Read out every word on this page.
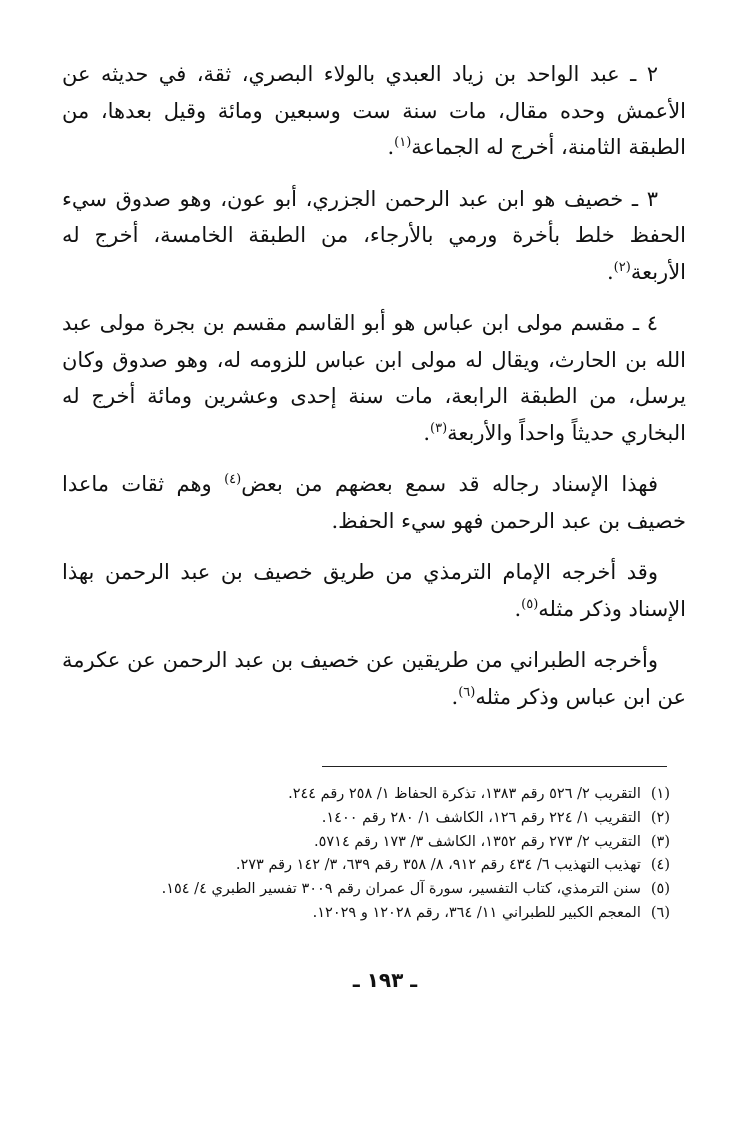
٢ ـ عبد الواحد بن زياد العبدي بالولاء البصري، ثقة، في حديثه عن الأعمش وحده مقال، مات سنة ست وسبعين ومائة وقيل بعدها، من الطبقة الثامنة، أخرج له الجماعة$^{(١)}$.

٣ ـ خصيف هو ابن عبد الرحمن الجزري، أبو عون، وهو صدوق سيء الحفظ خلط بأخرة ورمي بالأرجاء، من الطبقة الخامسة، أخرج له الأربعة$^{(٢)}$.

٤ ـ مقسم مولى ابن عباس هو أبو القاسم مقسم بن بجرة مولى عبد الله بن الحارث، ويقال له مولى ابن عباس للزومه له، وهو صدوق وكان يرسل، من الطبقة الرابعة، مات سنة إحدى وعشرين ومائة أخرج له البخاري حديثاً واحداً والأربعة$^{(٣)}$.

فهذا الإسناد رجاله قد سمع بعضهم من بعض$^{(٤)}$ وهم ثقات ماعدا خصيف بن عبد الرحمن فهو سيء الحفظ.

وقد أخرجه الإمام الترمذي من طريق خصيف بن عبد الرحمن بهذا الإسناد وذكر مثله$^{(٥)}$.

وأخرجه الطبراني من طريقين عن خصيف بن عبد الرحمن عن عكرمة عن ابن عباس وذكر مثله$^{(٦)}$.

(١)التقريب ٢/ ٥٢٦ رقم ١٣٨٣، تذكرة الحفاظ ١/ ٢٥٨ رقم ٢٤٤.
(٢)التقريب ١/ ٢٢٤ رقم ١٢٦، الكاشف ١/ ٢٨٠ رقم ١٤٠٠.
(٣)التقريب ٢/ ٢٧٣ رقم ١٣٥٢، الكاشف ٣/ ١٧٣ رقم ٥٧١٤.
(٤)تهذيب التهذيب ٦/ ٤٣٤ رقم ٩١٢، ٨/ ٣٥٨ رقم ٦٣٩، ٣/ ١٤٢ رقم ٢٧٣.
(٥)سنن الترمذي، كتاب التفسير، سورة آل عمران رقم ٣٠٠٩ تفسير الطبري ٤/ ١٥٤.
(٦)المعجم الكبير للطبراني ١١/ ٣٦٤، رقم ١٢٠٢٨ و ١٢٠٢٩.
ـ ١٩٣ ـ
